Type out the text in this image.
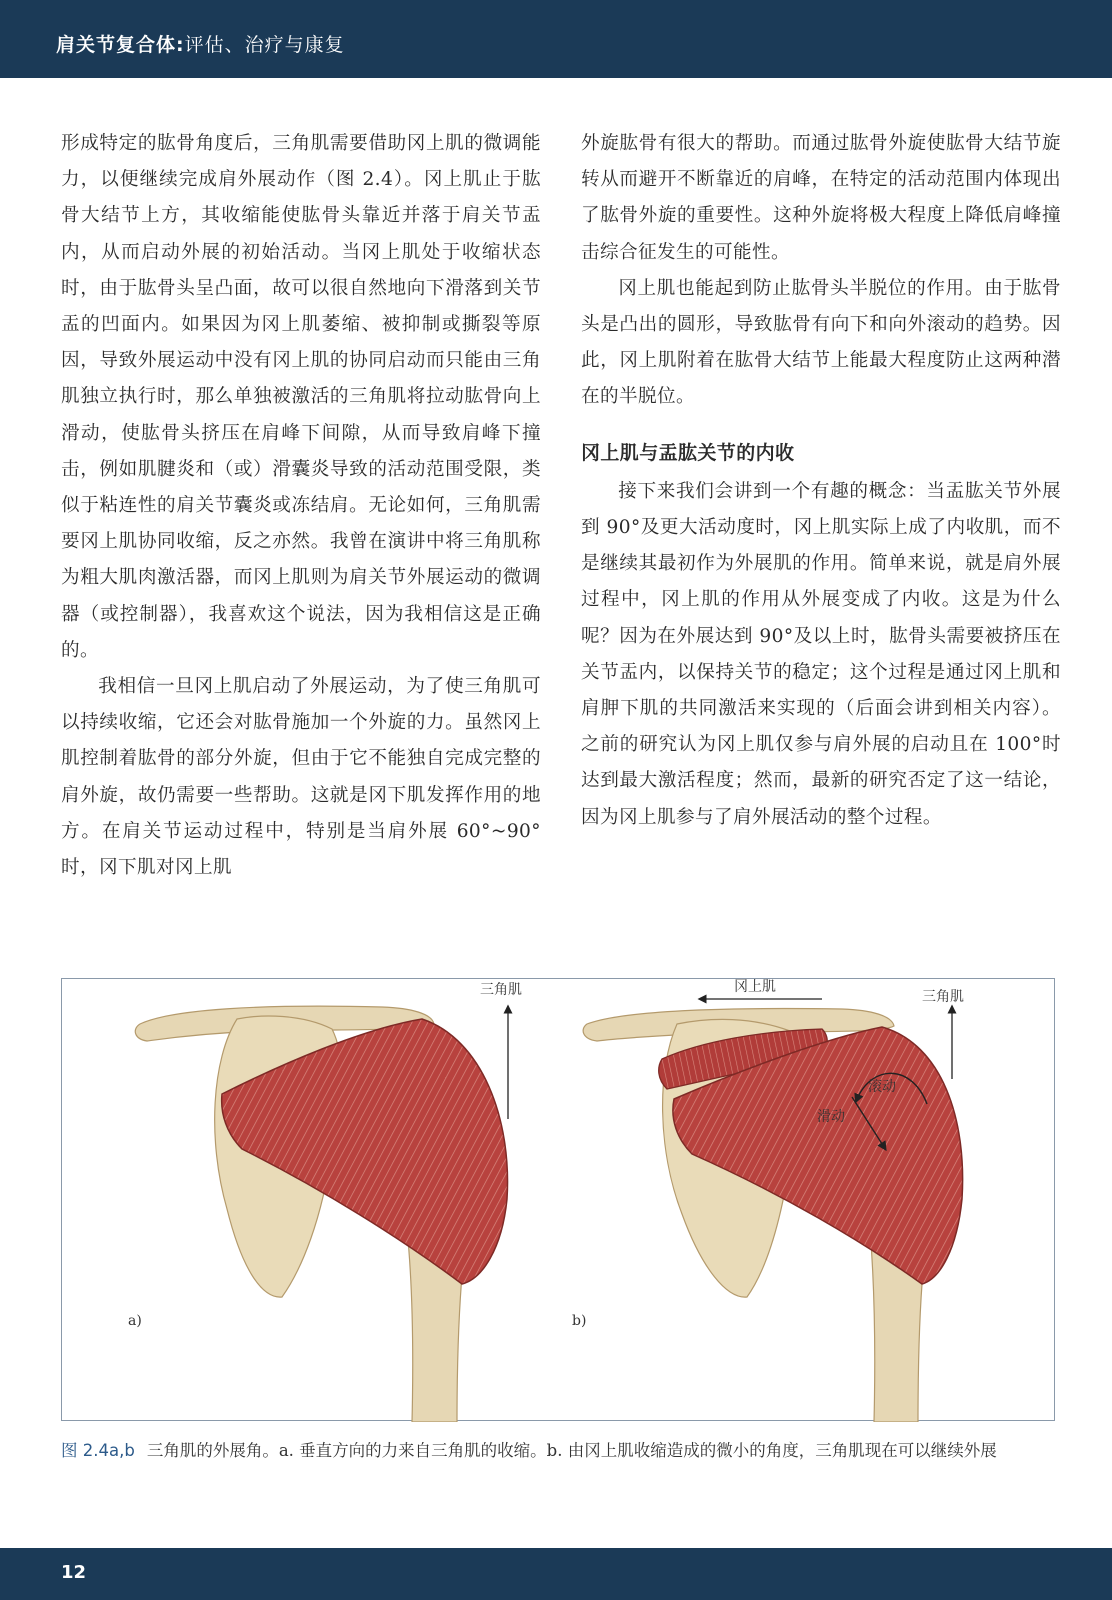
肩关节复合体:评估、治疗与康复

形成特定的肱骨角度后，三角肌需要借助冈上肌的微调能力，以便继续完成肩外展动作（图 2.4）。冈上肌止于肱骨大结节上方，其收缩能使肱骨头靠近并落于肩关节盂内，从而启动外展的初始活动。当冈上肌处于收缩状态时，由于肱骨头呈凸面，故可以很自然地向下滑落到关节盂的凹面内。如果因为冈上肌萎缩、被抑制或撕裂等原因，导致外展运动中没有冈上肌的协同启动而只能由三角肌独立执行时，那么单独被激活的三角肌将拉动肱骨向上滑动，使肱骨头挤压在肩峰下间隙，从而导致肩峰下撞击，例如肌腱炎和（或）滑囊炎导致的活动范围受限，类似于粘连性的肩关节囊炎或冻结肩。无论如何，三角肌需要冈上肌协同收缩，反之亦然。我曾在演讲中将三角肌称为粗大肌肉激活器，而冈上肌则为肩关节外展运动的微调器（或控制器），我喜欢这个说法，因为我相信这是正确的。

我相信一旦冈上肌启动了外展运动，为了使三角肌可以持续收缩，它还会对肱骨施加一个外旋的力。虽然冈上肌控制着肱骨的部分外旋，但由于它不能独自完成完整的肩外旋，故仍需要一些帮助。这就是冈下肌发挥作用的地方。在肩关节运动过程中，特别是当肩外展 60°~90°时，冈下肌对冈上肌

外旋肱骨有很大的帮助。而通过肱骨外旋使肱骨大结节旋转从而避开不断靠近的肩峰，在特定的活动范围内体现出了肱骨外旋的重要性。这种外旋将极大程度上降低肩峰撞击综合征发生的可能性。

冈上肌也能起到防止肱骨头半脱位的作用。由于肱骨头是凸出的圆形，导致肱骨有向下和向外滚动的趋势。因此，冈上肌附着在肱骨大结节上能最大程度防止这两种潜在的半脱位。

冈上肌与盂肱关节的内收

接下来我们会讲到一个有趣的概念：当盂肱关节外展到 90°及更大活动度时，冈上肌实际上成了内收肌，而不是继续其最初作为外展肌的作用。简单来说，就是肩外展过程中，冈上肌的作用从外展变成了内收。这是为什么呢？因为在外展达到 90°及以上时，肱骨头需要被挤压在关节盂内，以保持关节的稳定；这个过程是通过冈上肌和肩胛下肌的共同激活来实现的（后面会讲到相关内容）。之前的研究认为冈上肌仅参与肩外展的启动且在 100°时达到最大激活程度；然而，最新的研究否定了这一结论，因为冈上肌参与了肩外展活动的整个过程。

三角肌
a)
冈上肌
三角肌
滚动
滑动
b)
图 2.4a,b 三角肌的外展角。a. 垂直方向的力来自三角肌的收缩。b. 由冈上肌收缩造成的微小的角度，三角肌现在可以继续外展
12
